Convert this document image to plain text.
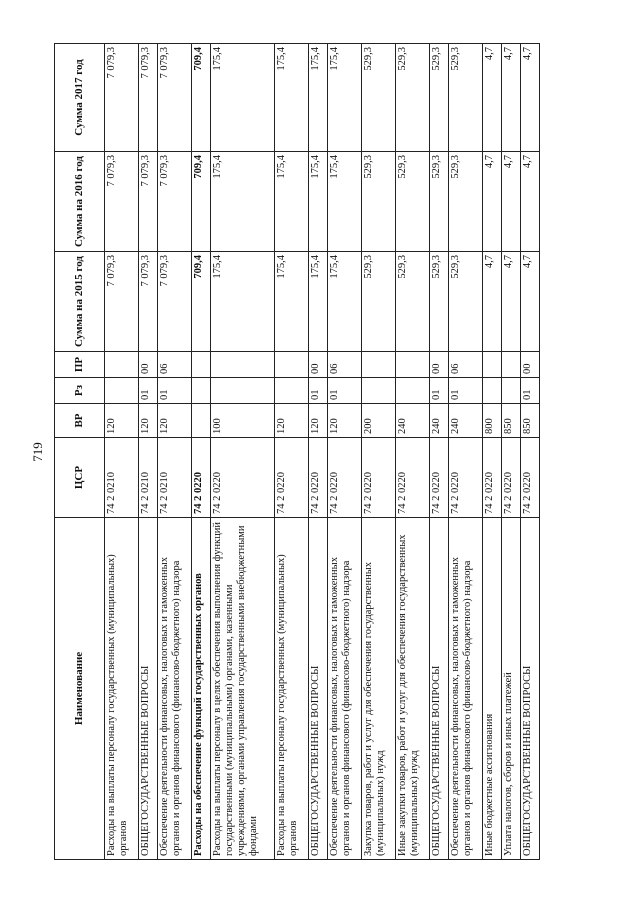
719
Наименование	ЦСР	ВР	Рз	ПР	Сумма на 2015 год	Сумма на 2016 год	Сумма 2017 год
Расходы на выплаты персоналу государственных (муниципальных) органов	74 2 0210	120			7 079,3	7 079,3	7 079,3
ОБЩЕГОСУДАРСТВЕННЫЕ ВОПРОСЫ	74 2 0210	120	01	00	7 079,3	7 079,3	7 079,3
Обеспечение деятельности финансовых, налоговых и таможенных органов и органов финансового (финансово-бюджетного) надзора	74 2 0210	120	01	06	7 079,3	7 079,3	7 079,3
Расходы на обеспечение функций государственных органов	74 2 0220				709,4	709,4	709,4
Расходы на выплаты персоналу в целях обеспечения выполнения функций государственными (муниципальными) органами, казенными учреждениями, органами управления государственными внебюджетными фондами	74 2 0220	100			175,4	175,4	175,4
Расходы на выплаты персоналу государственных (муниципальных) органов	74 2 0220	120			175,4	175,4	175,4
ОБЩЕГОСУДАРСТВЕННЫЕ ВОПРОСЫ	74 2 0220	120	01	00	175,4	175,4	175,4
Обеспечение деятельности финансовых, налоговых и таможенных органов и органов финансового (финансово-бюджетного) надзора	74 2 0220	120	01	06	175,4	175,4	175,4
Закупка товаров, работ и услуг для обеспечения государственных (муниципальных) нужд	74 2 0220	200			529,3	529,3	529,3
Иные закупки товаров, работ и услуг для обеспечения государственных (муниципальных) нужд	74 2 0220	240			529,3	529,3	529,3
ОБЩЕГОСУДАРСТВЕННЫЕ ВОПРОСЫ	74 2 0220	240	01	00	529,3	529,3	529,3
Обеспечение деятельности финансовых, налоговых и таможенных органов и органов финансового (финансово-бюджетного) надзора	74 2 0220	240	01	06	529,3	529,3	529,3
Иные бюджетные ассигнования	74 2 0220	800			4,7	4,7	4,7
Уплата налогов, сборов и иных платежей	74 2 0220	850			4,7	4,7	4,7
ОБЩЕГОСУДАРСТВЕННЫЕ ВОПРОСЫ	74 2 0220	850	01	00	4,7	4,7	4,7
